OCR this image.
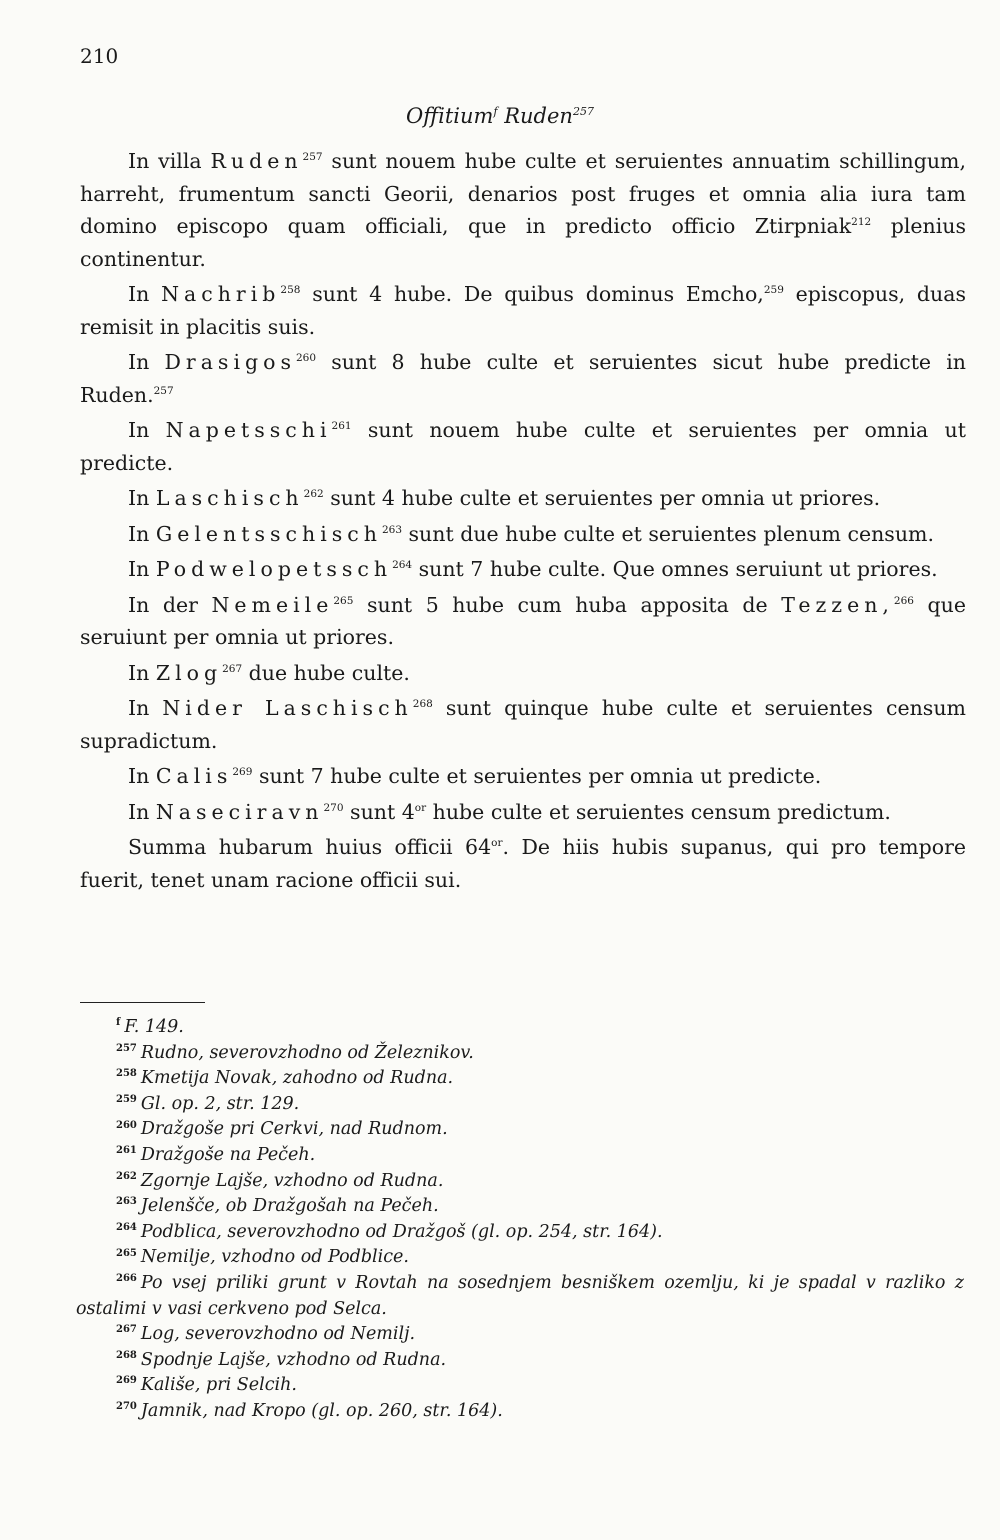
210
Offitium$^f$ Ruden$^{257}$

In villa Ruden$^{257}$ sunt nouem hube culte et seruientes annuatim schillingum, harreht, frumentum sancti Georii, denarios post fruges et omnia alia iura tam domino episcopo quam officiali, que in predicto officio Ztirpniak$^{212}$ plenius continentur.

In Nachrib$^{258}$ sunt 4 hube. De quibus dominus Emcho,$^{259}$ episcopus, duas remisit in placitis suis.

In Drasigos$^{260}$ sunt 8 hube culte et seruientes sicut hube predicte in Ruden.$^{257}$

In Napetsschi$^{261}$ sunt nouem hube culte et seruientes per omnia ut predicte.

In Laschisch$^{262}$ sunt 4 hube culte et seruientes per omnia ut priores.

In Gelentsschisch$^{263}$ sunt due hube culte et seruientes plenum censum.

In Podwelopetssch$^{264}$ sunt 7 hube culte. Que omnes seruiunt ut priores.

In der Nemeile$^{265}$ sunt 5 hube cum huba apposita de Tezzen,$^{266}$ que seruiunt per omnia ut priores.

In Zlog$^{267}$ due hube culte.

In Nider Laschisch$^{268}$ sunt quinque hube culte et seruientes censum supradictum.

In Calis$^{269}$ sunt 7 hube culte et seruientes per omnia ut predicte.

In Naseciravn$^{270}$ sunt $4^{or}$ hube culte et seruientes censum predictum.

Summa hubarum huius officii $64^{or}$. De hiis hubis supanus, qui pro tempore fuerit, tenet unam racione officii sui.

$^f$ F. 149.
$^{257}$ Rudno, severovzhodno od Železnikov.
$^{258}$ Kmetija Novak, zahodno od Rudna.
$^{259}$ Gl. op. 2, str. 129.
$^{260}$ Dražgoše pri Cerkvi, nad Rudnom.
$^{261}$ Dražgoše na Pečeh.
$^{262}$ Zgornje Lajše, vzhodno od Rudna.
$^{263}$ Jelenšče, ob Dražgošah na Pečeh.
$^{264}$ Podblica, severovzhodno od Dražgoš (gl. op. 254, str. 164).
$^{265}$ Nemilje, vzhodno od Podblice.
$^{266}$ Po vsej priliki grunt v Rovtah na sosednjem besniškem ozemlju, ki je spadal v razliko z ostalimi v vasi cerkveno pod Selca.
$^{267}$ Log, severovzhodno od Nemilj.
$^{268}$ Spodnje Lajše, vzhodno od Rudna.
$^{269}$ Kališe, pri Selcih.
$^{270}$ Jamnik, nad Kropo (gl. op. 260, str. 164).
